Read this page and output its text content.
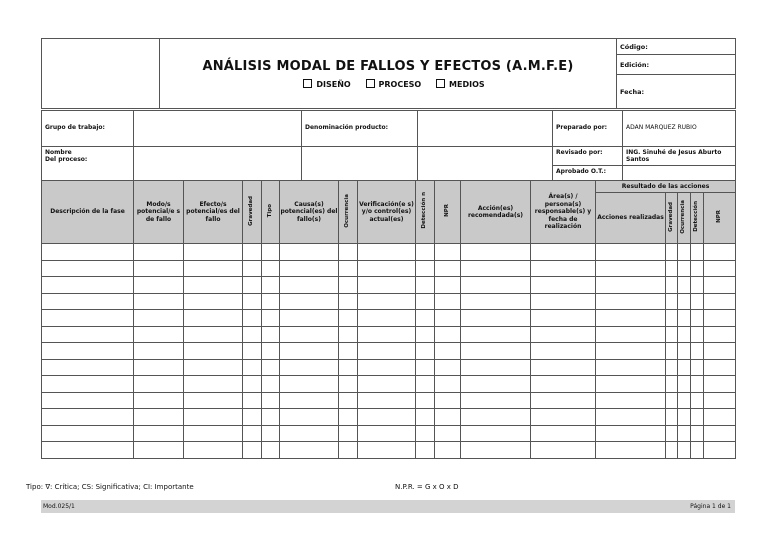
ANÁLISIS MODAL DE FALLOS Y EFECTOS (A.M.F.E)
DISEÑO	PROCESO	MEDIOS
	Código:
Edición:
Fecha:
Grupo de trabajo:		Denominación producto:		Preparado por:	ADAN MARQUEZ RUBIO
Nombre
Del proceso:				Revisado por:	ING. Sinuhé de Jesus Aburto Santos
				Aprobado O.T.:	
Descripción de la fase	Modo/s potencial/e s de fallo	Efecto/s potencial/es del fallo	Gravedad	Tipo	Causa(s) potencial(es) del fallo(s)	Ocurrencia	Verificación(e s) y/o control(es) actual(es)	Detección n	NPR	Acción(es) recomendada(s)	Área(s) / persona(s) responsable(s) y fecha de realización	Resultado de las acciones				
												Acciones realizadas	Gravedad	Ocurrencia	Detección	NPR

Tipo: ∇: Crítica; CS: Significativa; CI: Importante	N.P.R. = G x O x D
Mod.025/1	Página 1 de 1
